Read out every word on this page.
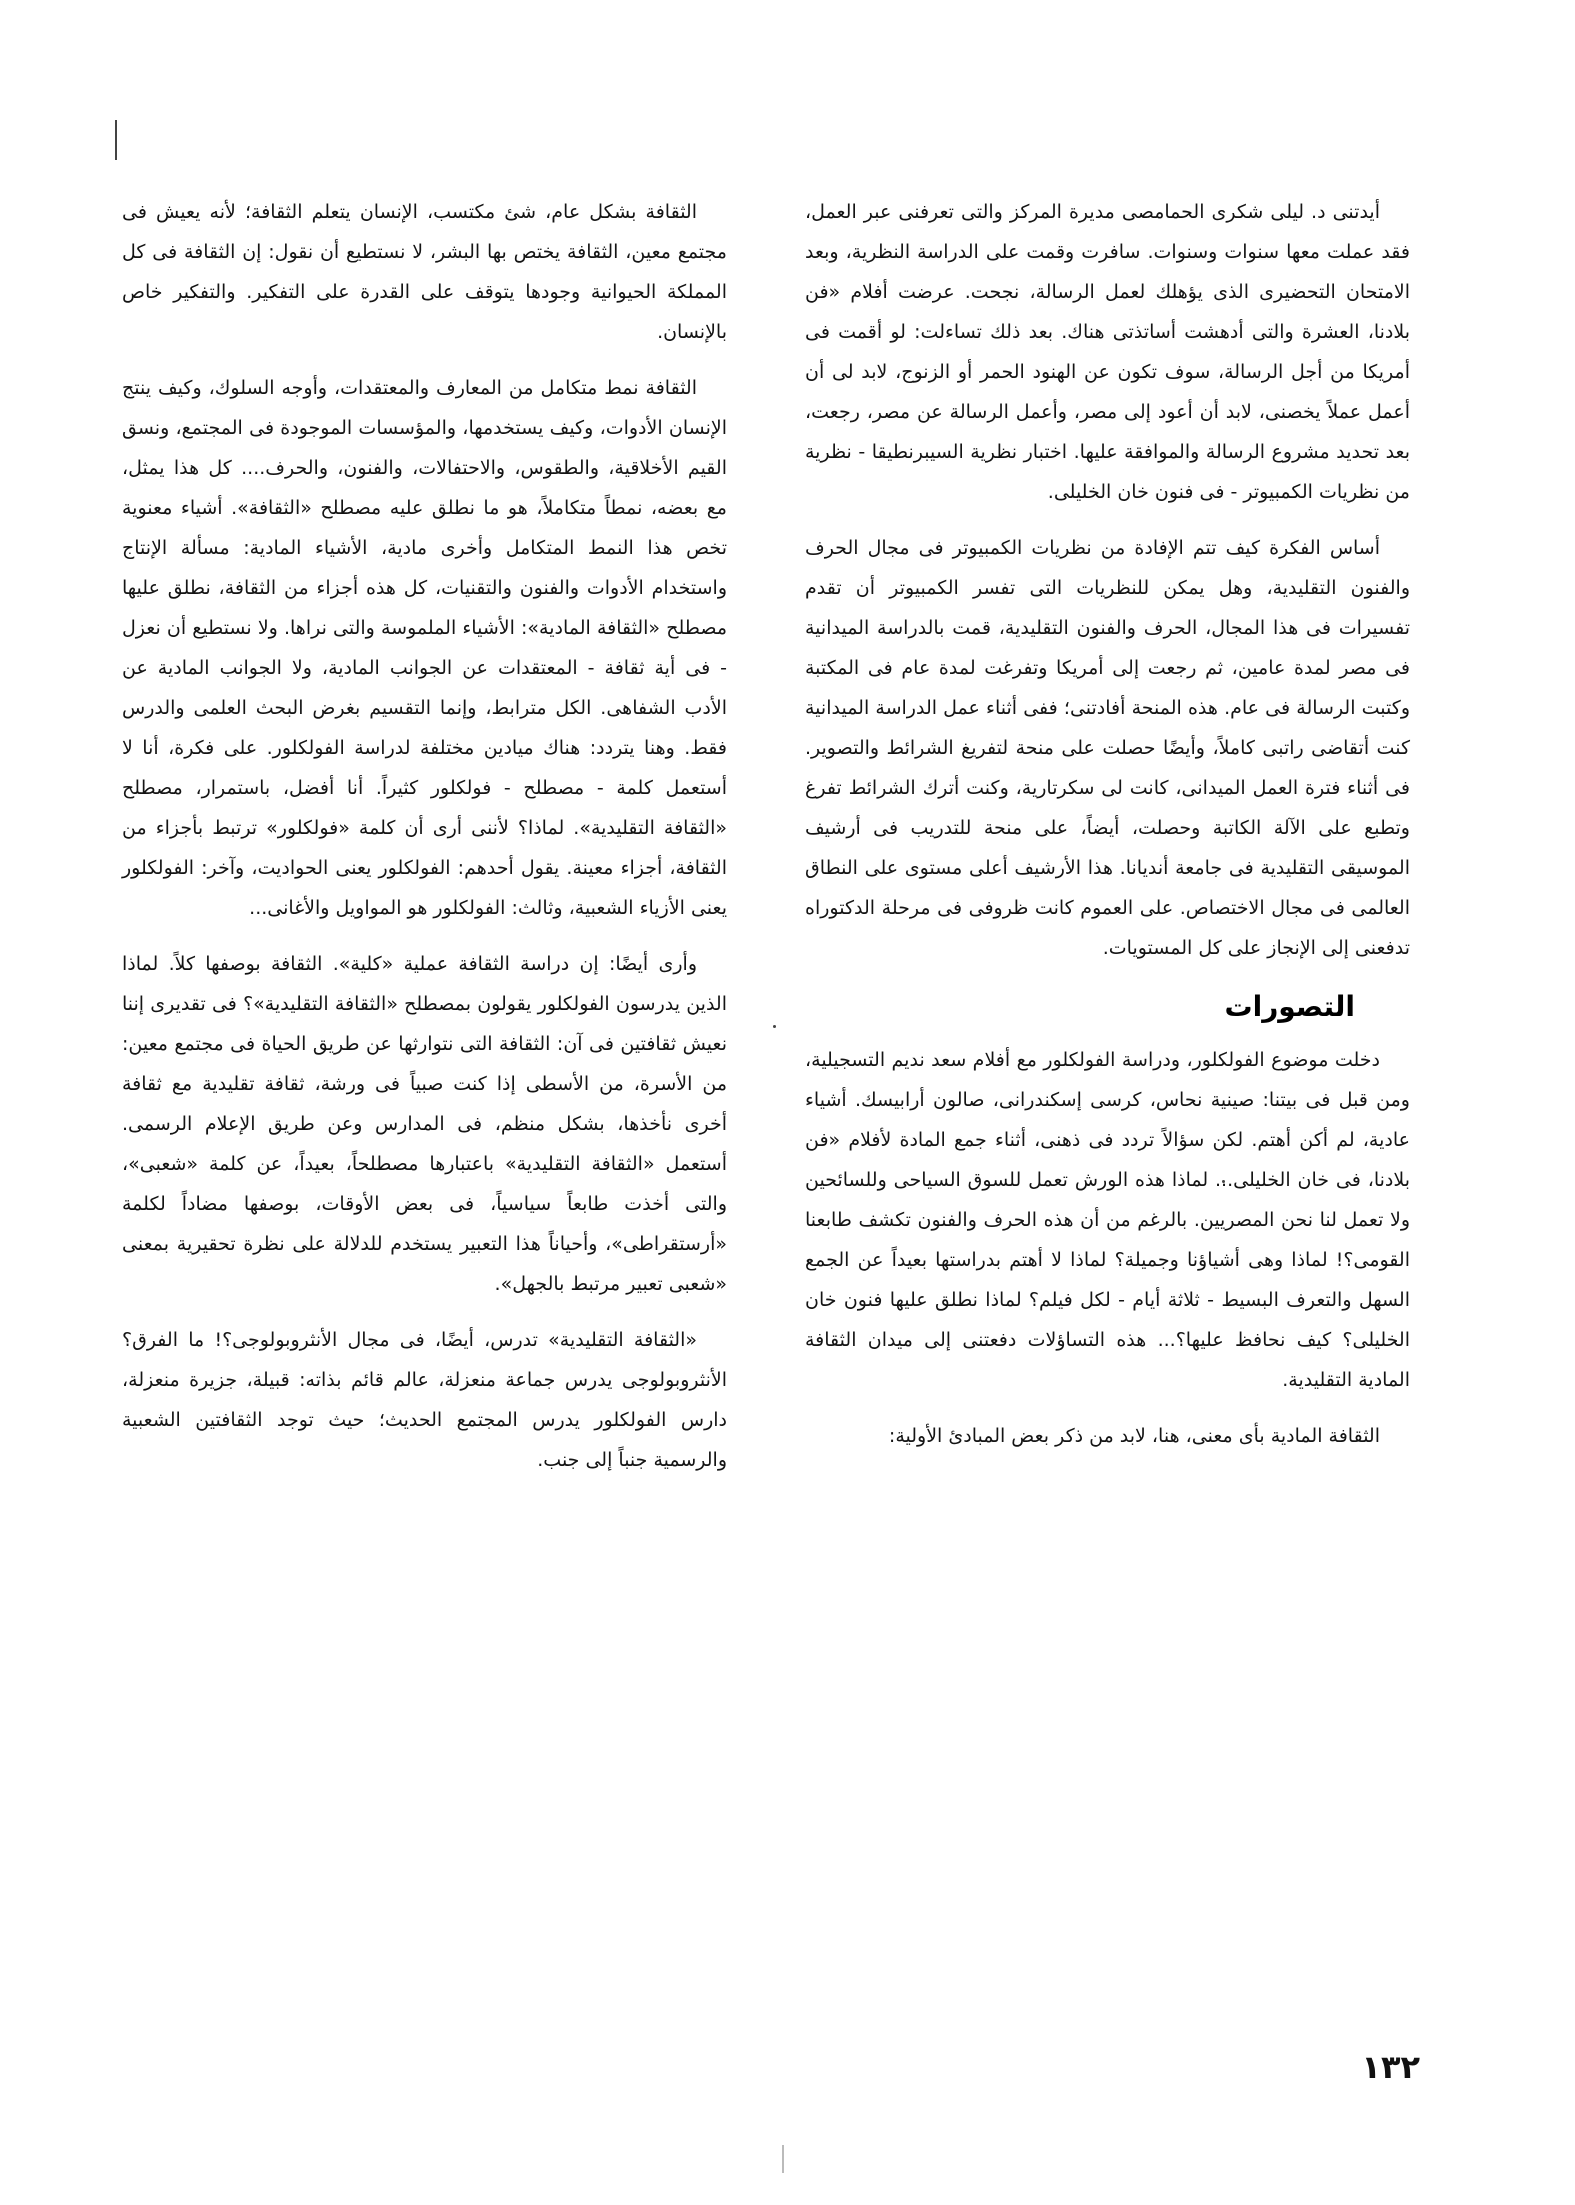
أيدتنى د. ليلى شكرى الحمامصى مديرة المركز والتى تعرفنى عبر العمل، فقد عملت معها سنوات وسنوات. سافرت وقمت على الدراسة النظرية، وبعد الامتحان التحضيرى الذى يؤهلك لعمل الرسالة، نجحت. عرضت أفلام «فن بلادنا، العشرة والتى أدهشت أساتذتى هناك. بعد ذلك تساءلت: لو أقمت فى أمريكا من أجل الرسالة، سوف تكون عن الهنود الحمر أو الزنوج، لابد لى أن أعمل عملاً يخصنى، لابد أن أعود إلى مصر، وأعمل الرسالة عن مصر، رجعت، بعد تحديد مشروع الرسالة والموافقة عليها. اختبار نظرية السيبرنطيقا - نظرية من نظريات الكمبيوتر - فى فنون خان الخليلى.

أساس الفكرة كيف تتم الإفادة من نظريات الكمبيوتر فى مجال الحرف والفنون التقليدية، وهل يمكن للنظريات التى تفسر الكمبيوتر أن تقدم تفسيرات فى هذا المجال، الحرف والفنون التقليدية، قمت بالدراسة الميدانية فى مصر لمدة عامين، ثم رجعت إلى أمريكا وتفرغت لمدة عام فى المكتبة وكتبت الرسالة فى عام. هذه المنحة أفادتنى؛ ففى أثناء عمل الدراسة الميدانية كنت أتقاضى راتبى كاملاً، وأيضًا حصلت على منحة لتفريغ الشرائط والتصوير. فى أثناء فترة العمل الميدانى، كانت لى سكرتارية، وكنت أترك الشرائط تفرغ وتطبع على الآلة الكاتبة وحصلت، أيضاً، على منحة للتدريب فى أرشيف الموسيقى التقليدية فى جامعة أنديانا. هذا الأرشيف أعلى مستوى على النطاق العالمى فى مجال الاختصاص. على العموم كانت ظروفى فى مرحلة الدكتوراه تدفعنى إلى الإنجاز على كل المستويات.

التصورات

دخلت موضوع الفولكلور، ودراسة الفولكلور مع أفلام سعد نديم التسجيلية، ومن قبل فى بيتنا: صينية نحاس، كرسى إسكندرانى، صالون أرابيسك. أشياء عادية، لم أكن أهتم. لكن سؤالاً تردد فى ذهنى، أثناء جمع المادة لأفلام «فن بلادنا، فى خان الخليلى... لماذا هذه الورش تعمل للسوق السياحى وللسائحين ولا تعمل لنا نحن المصريين. بالرغم من أن هذه الحرف والفنون تكشف طابعنا القومى؟! لماذا وهى أشياؤنا وجميلة؟ لماذا لا أهتم بدراستها بعيداً عن الجمع السهل والتعرف البسيط - ثلاثة أيام - لكل فيلم؟ لماذا نطلق عليها فنون خان الخليلى؟ كيف نحافظ عليها؟... هذه التساؤلات دفعتنى إلى ميدان الثقافة المادية التقليدية.

الثقافة المادية بأى معنى، هنا، لابد من ذكر بعض المبادئ الأولية:

الثقافة بشكل عام، شئ مكتسب، الإنسان يتعلم الثقافة؛ لأنه يعيش فى مجتمع معين، الثقافة يختص بها البشر، لا نستطيع أن نقول: إن الثقافة فى كل المملكة الحيوانية وجودها يتوقف على القدرة على التفكير. والتفكير خاص بالإنسان.

الثقافة نمط متكامل من المعارف والمعتقدات، وأوجه السلوك، وكيف ينتج الإنسان الأدوات، وكيف يستخدمها، والمؤسسات الموجودة فى المجتمع، ونسق القيم الأخلاقية، والطقوس، والاحتفالات، والفنون، والحرف.... كل هذا يمثل، مع بعضه، نمطاً متكاملاً، هو ما نطلق عليه مصطلح «الثقافة». أشياء معنوية تخص هذا النمط المتكامل وأخرى مادية، الأشياء المادية: مسألة الإنتاج واستخدام الأدوات والفنون والتقنيات، كل هذه أجزاء من الثقافة، نطلق عليها مصطلح «الثقافة المادية»: الأشياء الملموسة والتى نراها. ولا نستطيع أن نعزل - فى أية ثقافة - المعتقدات عن الجوانب المادية، ولا الجوانب المادية عن الأدب الشفاهى. الكل مترابط، وإنما التقسيم بغرض البحث العلمى والدرس فقط. وهنا يتردد: هناك ميادين مختلفة لدراسة الفولكلور. على فكرة، أنا لا أستعمل كلمة - مصطلح - فولكلور كثيراً. أنا أفضل، باستمرار، مصطلح «الثقافة التقليدية». لماذا؟ لأننى أرى أن كلمة «فولكلور» ترتبط بأجزاء من الثقافة، أجزاء معينة. يقول أحدهم: الفولكلور يعنى الحواديت، وآخر: الفولكلور يعنى الأزياء الشعبية، وثالث: الفولكلور هو المواويل والأغانى...

وأرى أيضًا: إن دراسة الثقافة عملية «كلية». الثقافة بوصفها كلاً. لماذا الذين يدرسون الفولكلور يقولون بمصطلح «الثقافة التقليدية»؟ فى تقديرى إننا نعيش ثقافتين فى آن: الثقافة التى نتوارثها عن طريق الحياة فى مجتمع معين: من الأسرة، من الأسطى إذا كنت صبياً فى ورشة، ثقافة تقليدية مع ثقافة أخرى نأخذها، بشكل منظم، فى المدارس وعن طريق الإعلام الرسمى. أستعمل «الثقافة التقليدية» باعتبارها مصطلحاً، بعيداً، عن كلمة «شعبى»، والتى أخذت طابعاً سياسياً، فى بعض الأوقات، بوصفها مضاداً لكلمة «أرستقراطى»، وأحياناً هذا التعبير يستخدم للدلالة على نظرة تحقيرية بمعنى «شعبى تعبير مرتبط بالجهل».

«الثقافة التقليدية» تدرس، أيضًا، فى مجال الأنثروبولوجى؟! ما الفرق؟ الأنثروبولوجى يدرس جماعة منعزلة، عالم قائم بذاته: قبيلة، جزيرة منعزلة، دارس الفولكلور يدرس المجتمع الحديث؛ حيث توجد الثقافتين الشعبية والرسمية جنباً إلى جنب.

١٣٢
